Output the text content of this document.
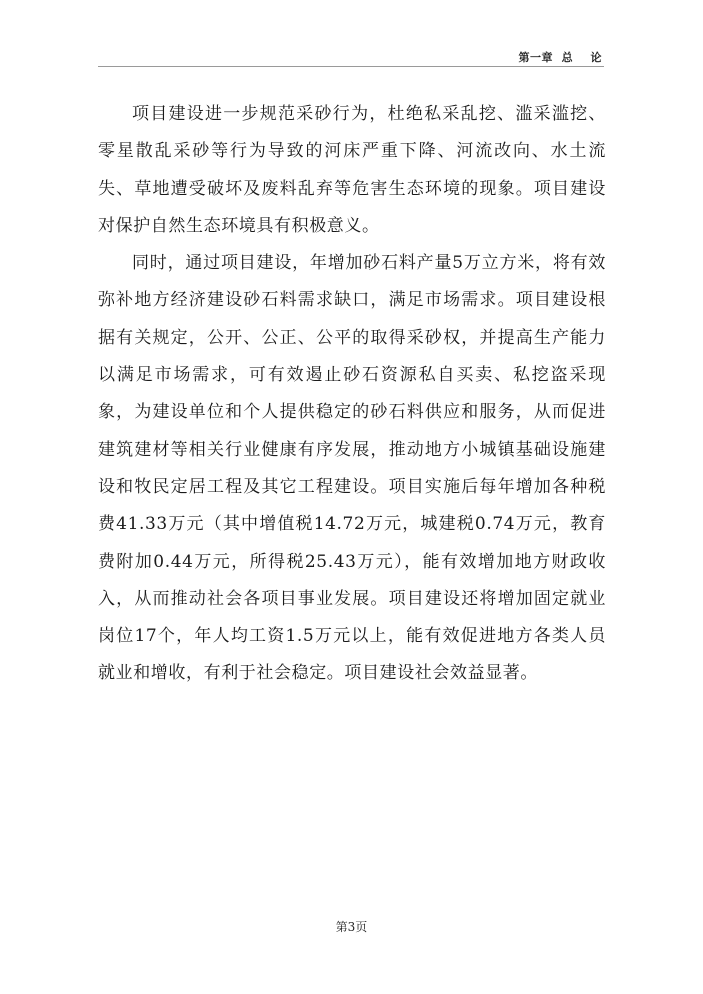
第一章  总    论

项目建设进一步规范采砂行为，杜绝私采乱挖、滥采滥挖、零星散乱采砂等行为导致的河床严重下降、河流改向、水土流失、草地遭受破坏及废料乱弃等危害生态环境的现象。项目建设对保护自然生态环境具有积极意义。

同时，通过项目建设，年增加砂石料产量5万立方米，将有效弥补地方经济建设砂石料需求缺口，满足市场需求。项目建设根据有关规定，公开、公正、公平的取得采砂权，并提高生产能力以满足市场需求，可有效遏止砂石资源私自买卖、私挖盗采现象，为建设单位和个人提供稳定的砂石料供应和服务，从而促进建筑建材等相关行业健康有序发展，推动地方小城镇基础设施建设和牧民定居工程及其它工程建设。项目实施后每年增加各种税费41.33万元（其中增值税14.72万元，城建税0.74万元，教育费附加0.44万元，所得税25.43万元），能有效增加地方财政收入，从而推动社会各项目事业发展。项目建设还将增加固定就业岗位17个，年人均工资1.5万元以上，能有效促进地方各类人员就业和增收，有利于社会稳定。项目建设社会效益显著。

第3页
